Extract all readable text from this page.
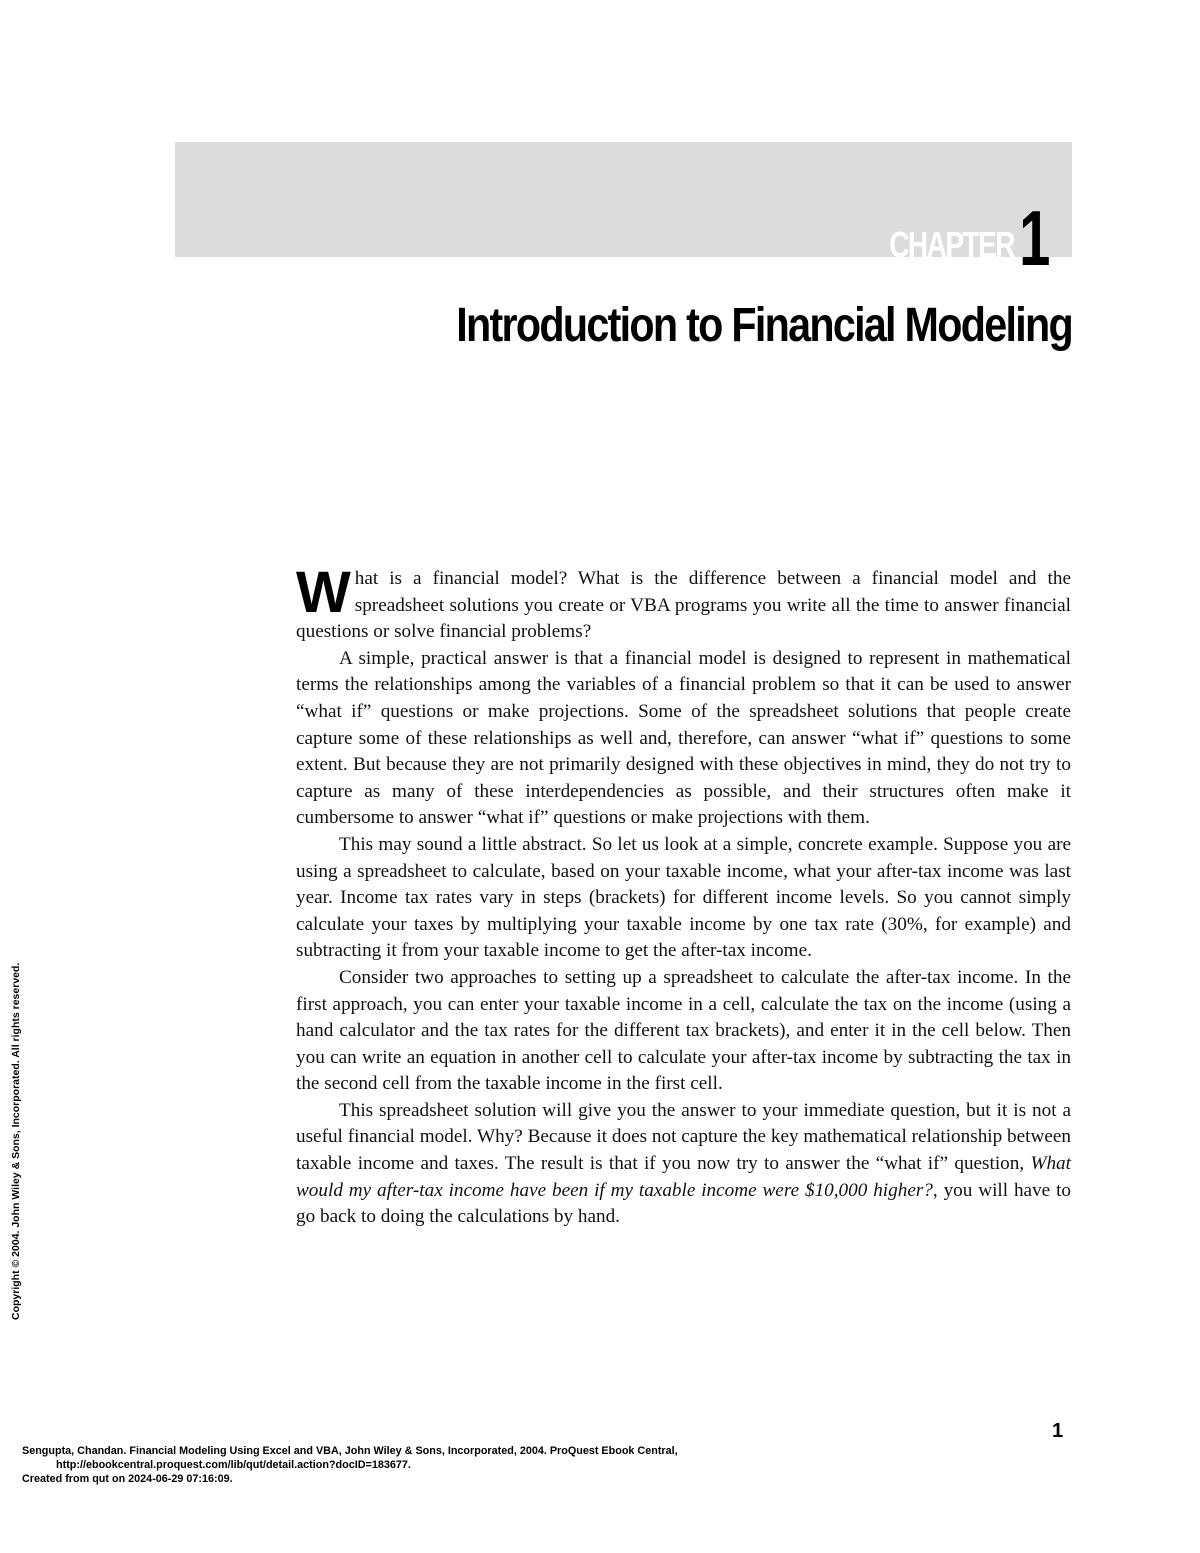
CHAPTER 1
Introduction to Financial Modeling

What is a financial model? What is the difference between a financial model and the spreadsheet solutions you create or VBA programs you write all the time to answer financial questions or solve financial problems?

A simple, practical answer is that a financial model is designed to represent in mathematical terms the relationships among the variables of a financial problem so that it can be used to answer “what if” questions or make projections. Some of the spreadsheet solutions that people create capture some of these relationships as well and, therefore, can answer “what if” questions to some extent. But because they are not primarily designed with these objectives in mind, they do not try to capture as many of these interdependencies as possible, and their structures often make it cumbersome to answer “what if” questions or make projections with them.

This may sound a little abstract. So let us look at a simple, concrete example. Suppose you are using a spreadsheet to calculate, based on your taxable income, what your after-tax income was last year. Income tax rates vary in steps (brackets) for different income levels. So you cannot simply calculate your taxes by multiplying your taxable income by one tax rate (30%, for example) and subtracting it from your taxable income to get the after-tax income.

Consider two approaches to setting up a spreadsheet to calculate the after-tax income. In the first approach, you can enter your taxable income in a cell, calculate the tax on the income (using a hand calculator and the tax rates for the different tax brackets), and enter it in the cell below. Then you can write an equation in another cell to calculate your after-tax income by subtracting the tax in the second cell from the taxable income in the first cell.

This spreadsheet solution will give you the answer to your immediate question, but it is not a useful financial model. Why? Because it does not capture the key mathematical relationship between taxable income and taxes. The result is that if you now try to answer the “what if” question, What would my after-tax income have been if my taxable income were $10,000 higher?, you will have to go back to doing the calculations by hand.

Copyright © 2004. John Wiley & Sons, Incorporated. All rights reserved.
1
Sengupta, Chandan. Financial Modeling Using Excel and VBA, John Wiley & Sons, Incorporated, 2004. ProQuest Ebook Central,
http://ebookcentral.proquest.com/lib/qut/detail.action?docID=183677.
Created from qut on 2024-06-29 07:16:09.
